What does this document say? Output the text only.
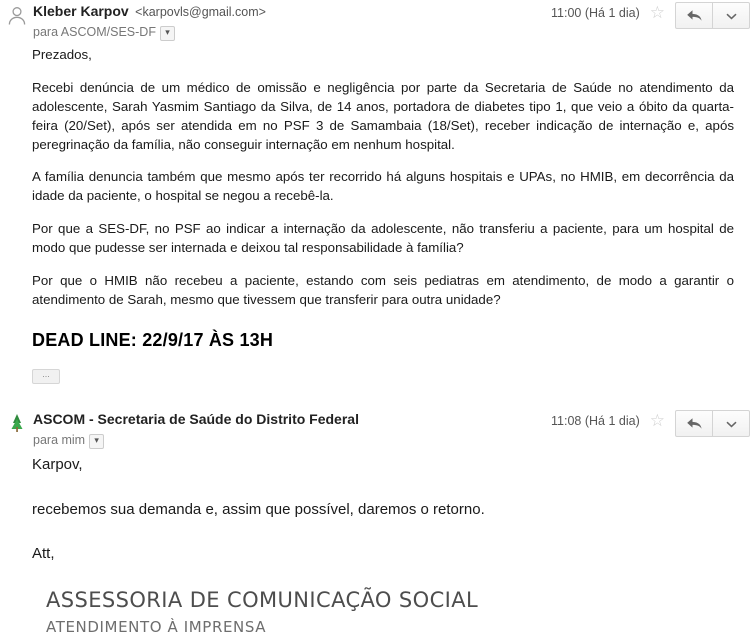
Kleber Karpov <karpovls@gmail.com>
para ASCOM/SES-DF ▾
11:00 (Há 1 dia) ☆

Prezados,

Recebi denúncia de um médico de omissão e negligência por parte da Secretaria de Saúde no atendimento da adolescente, Sarah Yasmim Santiago da Silva, de 14 anos, portadora de diabetes tipo 1, que veio a óbito da quarta-feira (20/Set), após ser atendida em no PSF 3 de Samambaia (18/Set), receber indicação de internação e, após peregrinação da família, não conseguir internação em nenhum hospital.

A família denuncia também que mesmo após ter recorrido há alguns hospitais e UPAs, no HMIB, em decorrência da idade da paciente, o hospital se negou a recebê-la.

Por que a SES-DF, no PSF ao indicar a internação da adolescente, não transferiu a paciente, para um hospital de modo que pudesse ser internada e deixou tal responsabilidade à família?

Por que o HMIB não recebeu a paciente, estando com seis pediatras em atendimento, de modo a garantir o atendimento de Sarah, mesmo que tivessem que transferir para outra unidade?

DEAD LINE: 22/9/17 ÀS 13H
...
ASCOM - Secretaria de Saúde do Distrito Federal
para mim ▾
11:08 (Há 1 dia) ☆

Karpov,

recebemos sua demanda e, assim que possível, daremos o retorno.

Att,

ASSESSORIA DE COMUNICAÇÃO SOCIAL
ATENDIMENTO À IMPRENSA
